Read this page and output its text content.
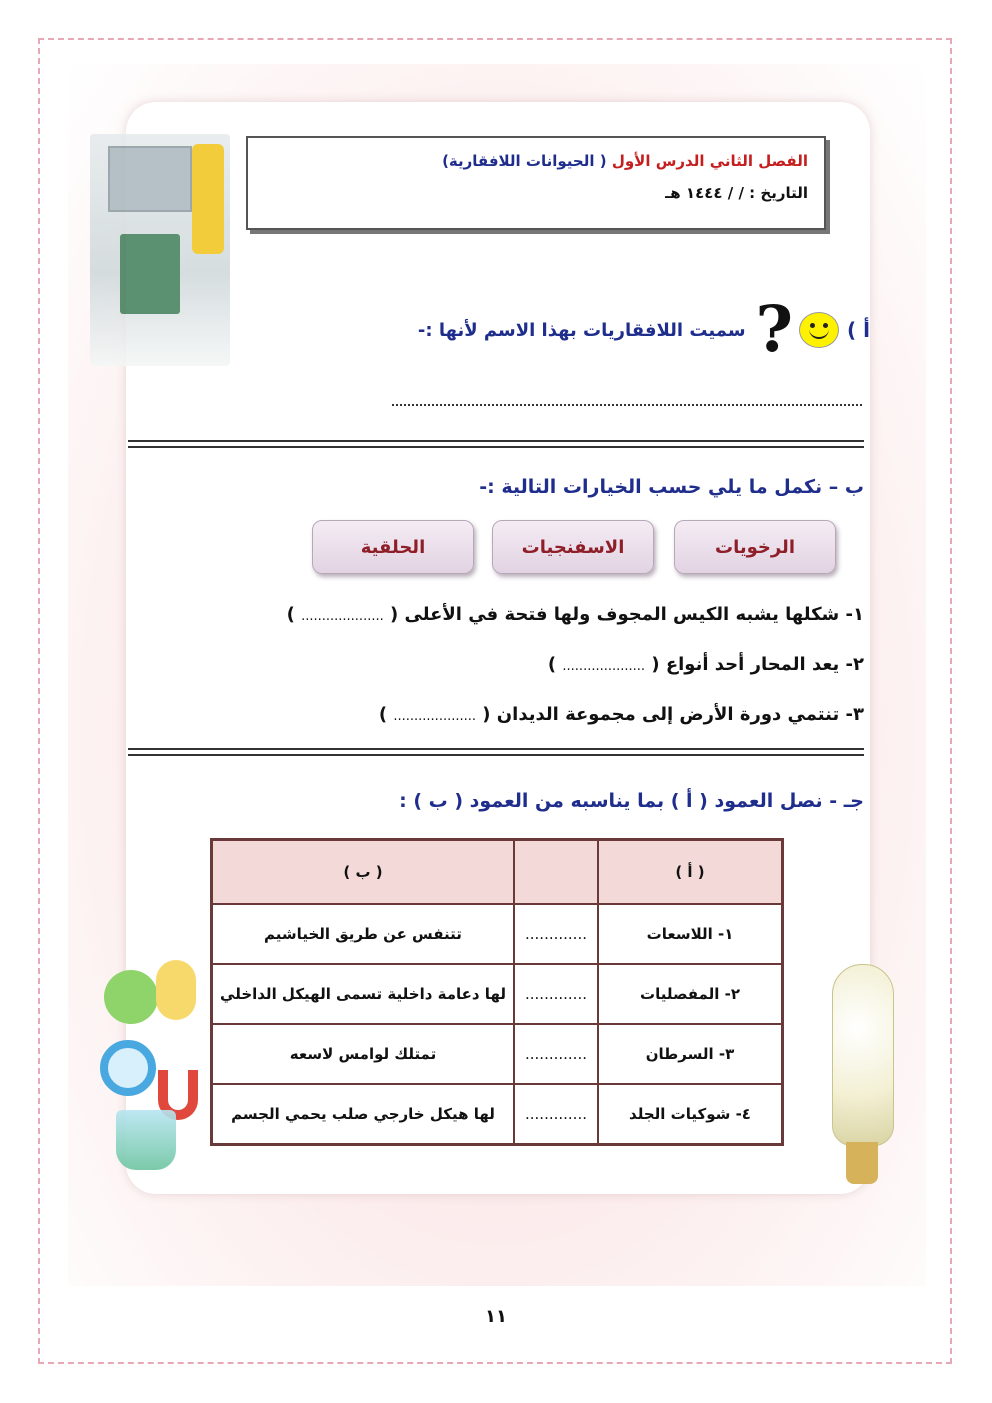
الفصل الثاني الدرس الأول ( الحيوانات اللافقارية)
التاريخ : / / ١٤٤٤ هـ
أ )
?
سميت اللافقاريات بهذا الاسم لأنها :-
ب – نكمل ما يلي حسب الخيارات التالية :-
الرخويات
الاسفنجيات
الحلقية
١- شكلها يشبه الكيس المجوف ولها فتحة في الأعلى ( .................... )
٢- يعد المحار أحد أنواع ( .................... )
٣- تنتمي دورة الأرض إلى مجموعة الديدان ( .................... )
جـ - نصل العمود ( أ ) بما يناسبه من العمود ( ب ) :
( أ )		( ب )
١- اللاسعات	.............	تتنفس عن طريق الخياشيم
٢- المفصليات	.............	لها دعامة داخلية تسمى الهيكل الداخلي
٣- السرطان	.............	تمتلك لوامس لاسعه
٤- شوكيات الجلد	.............	لها هيكل خارجي صلب يحمي الجسم
١١
